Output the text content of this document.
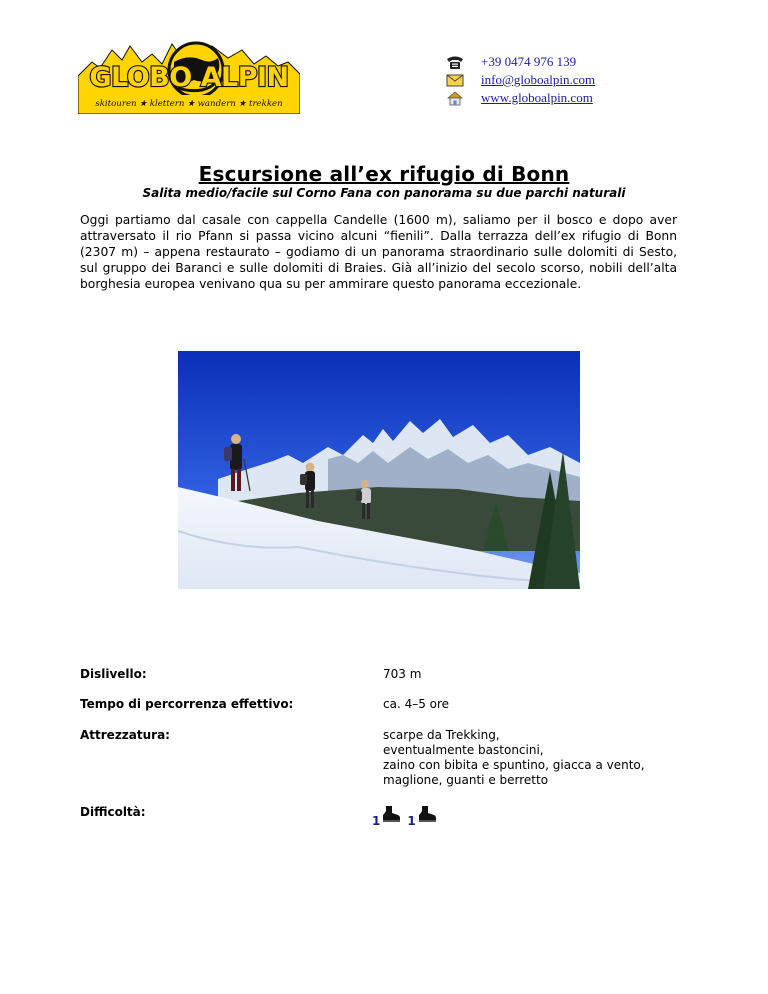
GLOBO ALPIN
skitouren ★ klettern ★ wandern ★ trekken
+39 0474 976 139
info@globoalpin.com
www.globoalpin.com
Escursione all’ex rifugio di Bonn
Salita medio/facile sul Corno Fana con panorama su due parchi naturali

Oggi partiamo dal casale con cappella Candelle (1600 m), saliamo per il bosco e dopo aver attraversato il rio Pfann si passa vicino alcuni “fienili”. Dalla terrazza dell’ex rifugio di Bonn (2307 m) – appena restaurato – godiamo di un panorama straordinario sulle dolomiti di Sesto, sul gruppo dei Baranci e sulle dolomiti di Braies. Già all’inizio del secolo scorso, nobili dell’alta borghesia europea venivano qua su per ammirare questo panorama eccezionale.

Dislivello:	703 m
Tempo di percorrenza effettivo:	ca. 4–5 ore
Attrezzatura:	scarpe da Trekking,
eventualmente bastoncini,
zaino con bibita e spuntino, giacca a vento,
maglione, guanti e berretto
Difficoltà:
1 1
